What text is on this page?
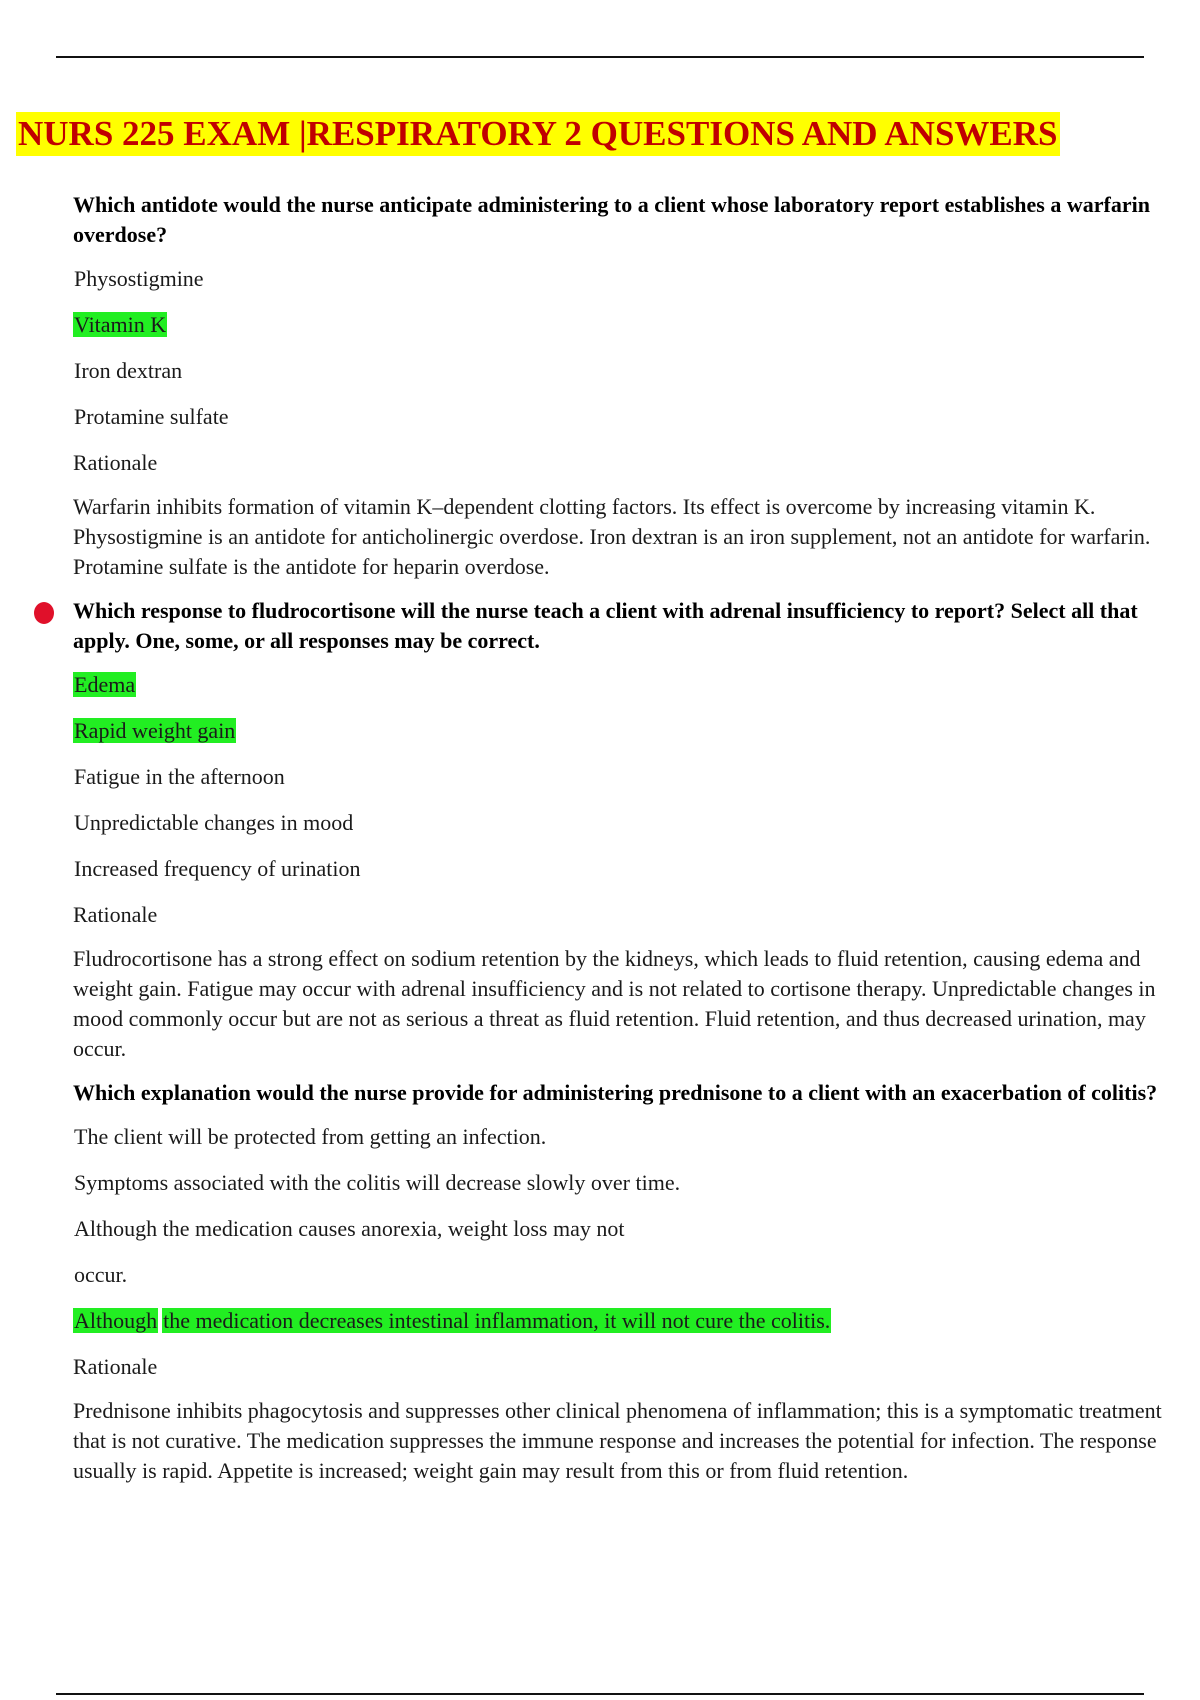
NURS 225 EXAM |RESPIRATORY 2 QUESTIONS AND ANSWERS
Which antidote would the nurse anticipate administering to a client whose laboratory report establishes a warfarin overdose?
Physostigmine
Vitamin K
Iron dextran
Protamine sulfate
Rationale
Warfarin inhibits formation of vitamin K–dependent clotting factors. Its effect is overcome by increasing vitamin K. Physostigmine is an antidote for anticholinergic overdose. Iron dextran is an iron supplement, not an antidote for warfarin. Protamine sulfate is the antidote for heparin overdose.
Which response to fludrocortisone will the nurse teach a client with adrenal insufficiency to report? Select all that apply. One, some, or all responses may be correct.
Edema
Rapid weight gain
Fatigue in the afternoon
Unpredictable changes in mood
Increased frequency of urination
Rationale
Fludrocortisone has a strong effect on sodium retention by the kidneys, which leads to fluid retention, causing edema and weight gain. Fatigue may occur with adrenal insufficiency and is not related to cortisone therapy. Unpredictable changes in mood commonly occur but are not as serious a threat as fluid retention. Fluid retention, and thus decreased urination, may occur.
Which explanation would the nurse provide for administering prednisone to a client with an exacerbation of colitis?
The client will be protected from getting an infection.
Symptoms associated with the colitis will decrease slowly over time.
Although the medication causes anorexia, weight loss may not
occur.
Although the medication decreases intestinal inflammation, it will not cure the colitis.
Rationale
Prednisone inhibits phagocytosis and suppresses other clinical phenomena of inflammation; this is a symptomatic treatment that is not curative. The medication suppresses the immune response and increases the potential for infection. The response usually is rapid. Appetite is increased; weight gain may result from this or from fluid retention.
